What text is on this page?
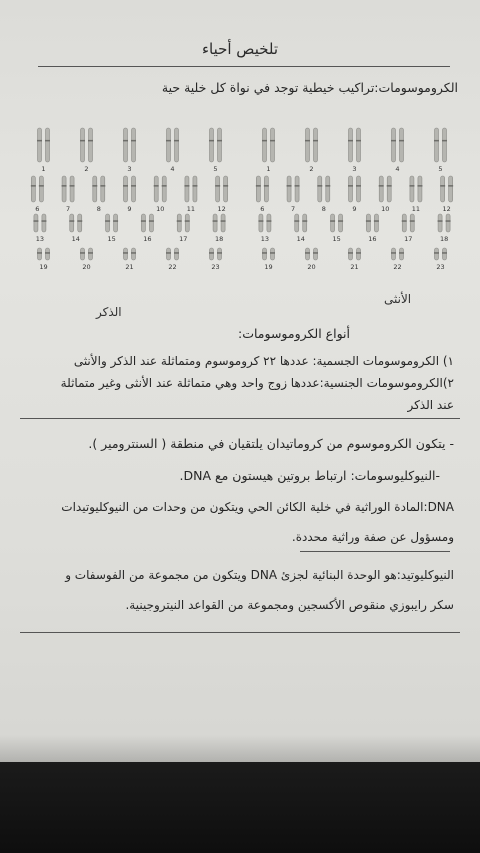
تلخيص أحياء
الكروموسومات:تراكيب خيطية توجد في نواة كل خلية حية
1	2	3	4	5	1	2	3	4	5
6	7	8	9	10	11	12	6	7	8	9	10	11	12
13	14	15	16	17	18	13	14	15	16	17	18
19	20	21	22	23	19	20	21	22	23
الذكر
الأنثى
أنواع الكروموسومات:
١) الكروموسومات الجسمية: عددها ٢٢ كروموسوم ومتماثلة عند الذكر والأنثى
٢)الكروموسومات الجنسية:عددها زوج واحد وهي متماثلة عند الأنثى وغير متماثلة
عند الذكر
- يتكون الكروموسوم من كروماتيدان يلتقيان في منطقة ( السنترومير ).
-النيوكليوسومات: ارتباط بروتين هيستون مع DNA.
DNA:المادة الوراثية في خلية الكائن الحي ويتكون من وحدات من النيوكليوتيدات
ومسؤول عن صفة وراثية محددة.
النيوكليوتيد:هو الوحدة البنائية لجزئ DNA ويتكون من مجموعة من الفوسفات و
سكر رايبوزي منقوص الأكسجين ومجموعة من القواعد النيتروجينية.
